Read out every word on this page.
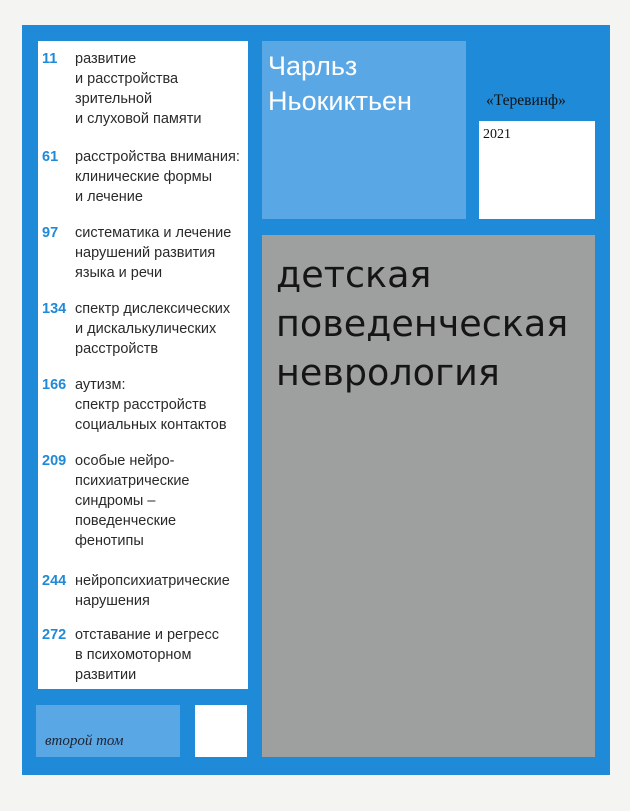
11 развитие
и расстройства
зрительной
и слуховой памяти
61 расстройства внимания:
клинические формы
и лечение
97 систематика и лечение
нарушений развития
языка и речи
134 спектр дислексических
и дискалькулических
расстройств
166 аутизм:
спектр расстройств
социальных контактов
209 особые нейро-
психиатрические
синдромы –
поведенческие
фенотипы
244 нейропсихиатрические
нарушения
272 отставание и регресс
в психомоторном
развитии
второй том
Чарльз
Ньокиктьен	«Теревинф»
2021
детская
поведенческая
неврология
